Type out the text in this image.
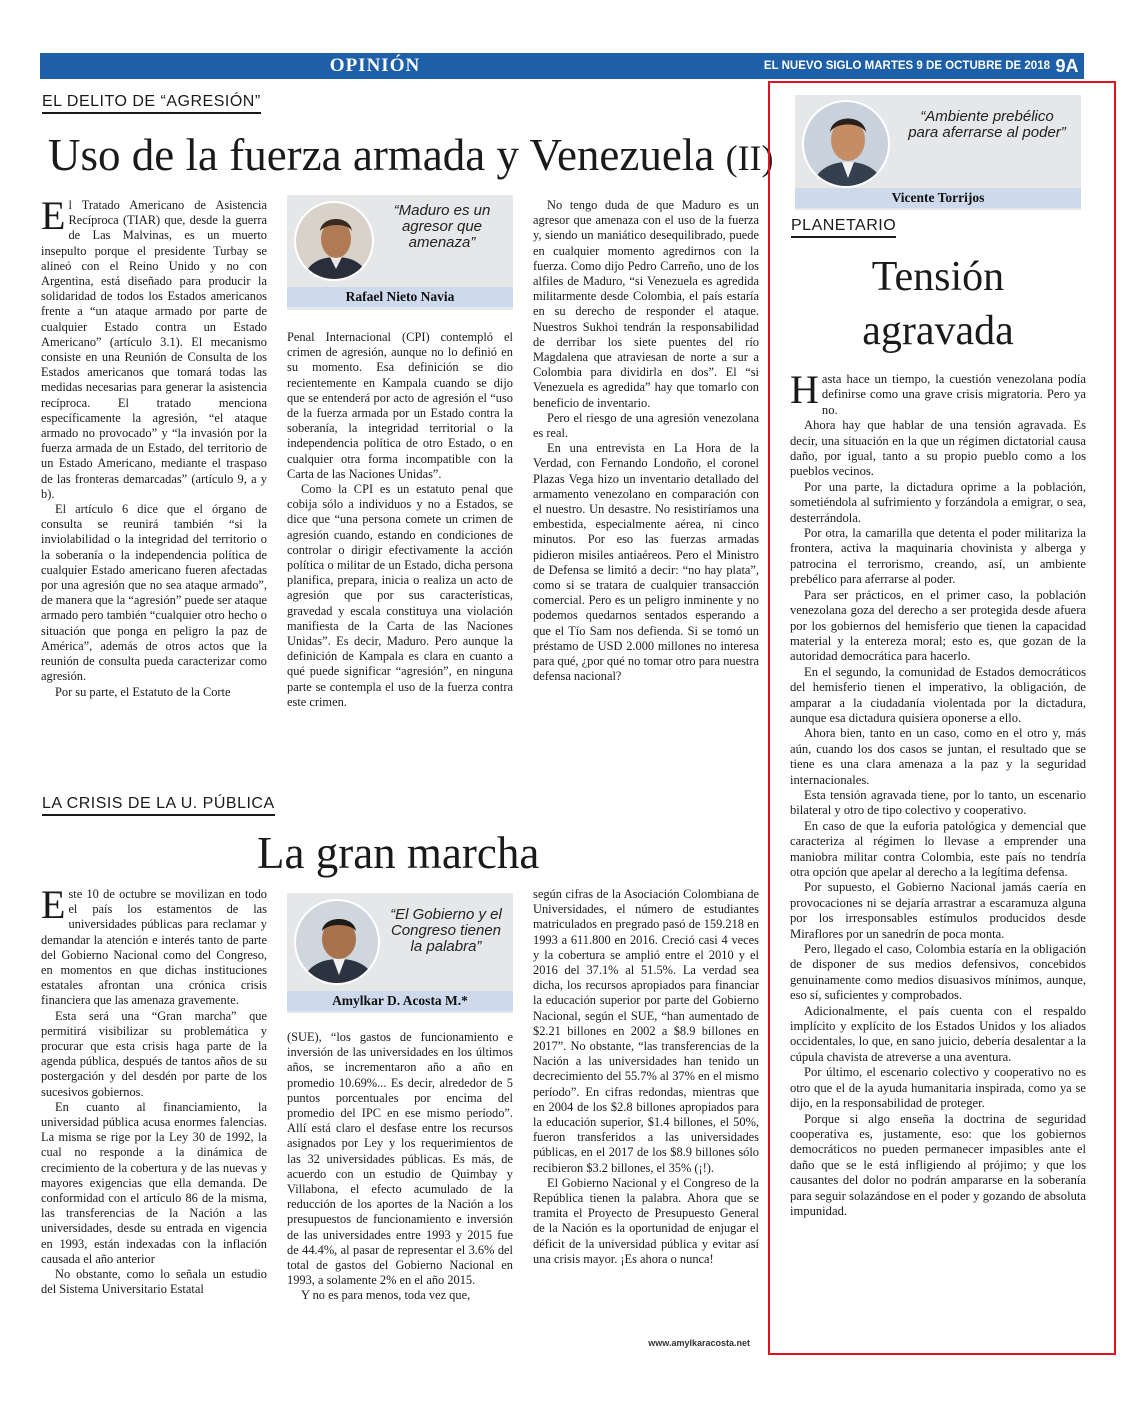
OPINIÓN	EL NUEVO SIGLO MARTES 9 DE OCTUBRE DE 2018 9A
EL DELITO DE “AGRESIÓN”
Uso de la fuerza armada y Venezuela (II)

El Tratado Americano de Asistencia Recíproca (TIAR) que, desde la guerra de Las Malvinas, es un muerto insepulto porque el presidente Turbay se alineó con el Reino Unido y no con Argentina, está diseñado para producir la solidaridad de todos los Estados americanos frente a “un ataque armado por parte de cualquier Estado contra un Estado Americano” (artículo 3.1). El mecanismo consiste en una Reunión de Consulta de los Estados americanos que tomará todas las medidas necesarias para generar la asistencia recíproca. El tratado menciona específicamente la agresión, “el ataque armado no provocado” y “la invasión por la fuerza armada de un Estado, del territorio de un Estado Americano, mediante el traspaso de las fronteras demarcadas” (artículo 9, a y b).

El artículo 6 dice que el órgano de consulta se reunirá también “si la inviolabilidad o la integridad del territorio o la soberanía o la independencia política de cualquier Estado americano fueren afectadas por una agresión que no sea ataque armado”, de manera que la “agresión” puede ser ataque armado pero también “cualquier otro hecho o situación que ponga en peligro la paz de América”, además de otros actos que la reunión de consulta pueda caracterizar como agresión.

Por su parte, el Estatuto de la Corte

“Maduro es un agresor que amenaza”
Rafael Nieto Navia

Penal Internacional (CPI) contempló el crimen de agresión, aunque no lo definió en su momento. Esa definición se dio recientemente en Kampala cuando se dijo que se entenderá por acto de agresión el “uso de la fuerza armada por un Estado contra la soberanía, la integridad territorial o la independencia política de otro Estado, o en cualquier otra forma incompatible con la Carta de las Naciones Unidas”.

Como la CPI es un estatuto penal que cobija sólo a individuos y no a Estados, se dice que “una persona comete un crimen de agresión cuando, estando en condiciones de controlar o dirigir efectivamente la acción política o militar de un Estado, dicha persona planifica, prepara, inicia o realiza un acto de agresión que por sus características, gravedad y escala constituya una violación manifiesta de la Carta de las Naciones Unidas”. Es decir, Maduro. Pero aunque la definición de Kampala es clara en cuanto a qué puede significar “agresión”, en ninguna parte se contempla el uso de la fuerza contra este crimen.

No tengo duda de que Maduro es un agresor que amenaza con el uso de la fuerza y, siendo un maniático desequilibrado, puede en cualquier momento agredirnos con la fuerza. Como dijo Pedro Carreño, uno de los alfiles de Maduro, “si Venezuela es agredida militarmente desde Colombia, el país estaría en su derecho de responder el ataque. Nuestros Sukhoi tendrán la responsabilidad de derribar los siete puentes del río Magdalena que atraviesan de norte a sur a Colombia para dividirla en dos”. El “si Venezuela es agredida” hay que tomarlo con beneficio de inventario.

Pero el riesgo de una agresión venezolana es real.

En una entrevista en La Hora de la Verdad, con Fernando Londoño, el coronel Plazas Vega hizo un inventario detallado del armamento venezolano en comparación con el nuestro. Un desastre. No resistiríamos una embestida, especialmente aérea, ni cinco minutos. Por eso las fuerzas armadas pidieron misiles antiaéreos. Pero el Ministro de Defensa se limitó a decir: “no hay plata”, como si se tratara de cualquier transacción comercial. Pero es un peligro inminente y no podemos quedarnos sentados esperando a que el Tío Sam nos defienda. Si se tomó un préstamo de USD 2.000 millones no interesa para qué, ¿por qué no tomar otro para nuestra defensa nacional?

LA CRISIS DE LA U. PÚBLICA
La gran marcha

Este 10 de octubre se movilizan en todo el país los estamentos de las universidades públicas para reclamar y demandar la atención e interés tanto de parte del Gobierno Nacional como del Congreso, en momentos en que dichas instituciones estatales afrontan una crónica crisis financiera que las amenaza gravemente.

Esta será una “Gran marcha” que permitirá visibilizar su problemática y procurar que esta crisis haga parte de la agenda pública, después de tantos años de su postergación y del desdén por parte de los sucesivos gobiernos.

En cuanto al financiamiento, la universidad pública acusa enormes falencias. La misma se rige por la Ley 30 de 1992, la cual no responde a la dinámica de crecimiento de la cobertura y de las nuevas y mayores exigencias que ella demanda. De conformidad con el artículo 86 de la misma, las transferencias de la Nación a las universidades, desde su entrada en vigencia en 1993, están indexadas con la inflación causada el año anterior

No obstante, como lo señala un estudio del Sistema Universitario Estatal

“El Gobierno y el Congreso tienen la palabra”
Amylkar D. Acosta M.*

(SUE), “los gastos de funcionamiento e inversión de las universidades en los últimos años, se incrementaron año a año en promedio 10.69%... Es decir, alrededor de 5 puntos porcentuales por encima del promedio del IPC en ese mismo período”. Allí está claro el desfase entre los recursos asignados por Ley y los requerimientos de las 32 universidades públicas. Es más, de acuerdo con un estudio de Quimbay y Villabona, el efecto acumulado de la reducción de los aportes de la Nación a los presupuestos de funcionamiento e inversión de las universidades entre 1993 y 2015 fue de 44.4%, al pasar de representar el 3.6% del total de gastos del Gobierno Nacional en 1993, a solamente 2% en el año 2015.

Y no es para menos, toda vez que,

según cifras de la Asociación Colombiana de Universidades, el número de estudiantes matriculados en pregrado pasó de 159.218 en 1993 a 611.800 en 2016. Creció casi 4 veces y la cobertura se amplió entre el 2010 y el 2016 del 37.1% al 51.5%. La verdad sea dicha, los recursos apropiados para financiar la educación superior por parte del Gobierno Nacional, según el SUE, “han aumentado de $2.21 billones en 2002 a $8.9 billones en 2017”. No obstante, “las transferencias de la Nación a las universidades han tenido un decrecimiento del 55.7% al 37% en el mismo período”. En cifras redondas, mientras que en 2004 de los $2.8 billones apropiados para la educación superior, $1.4 billones, el 50%, fueron transferidos a las universidades públicas, en el 2017 de los $8.9 billones sólo recibieron $3.2 billones, el 35% (¡!).

El Gobierno Nacional y el Congreso de la República tienen la palabra. Ahora que se tramita el Proyecto de Presupuesto General de la Nación es la oportunidad de enjugar el déficit de la universidad pública y evitar así una crisis mayor. ¡Es ahora o nunca!

www.amylkaracosta.net
“Ambiente prebélico para aferrarse al poder”
Vicente Torrijos
PLANETARIO
Tensión
agravada

Hasta hace un tiempo, la cuestión venezolana podía definirse como una grave crisis migratoria. Pero ya no.

Ahora hay que hablar de una tensión agravada. Es decir, una situación en la que un régimen dictatorial causa daño, por igual, tanto a su propio pueblo como a los pueblos vecinos.

Por una parte, la dictadura oprime a la población, sometiéndola al sufrimiento y forzándola a emigrar, o sea, desterrándola.

Por otra, la camarilla que detenta el poder militariza la frontera, activa la maquinaria chovinista y alberga y patrocina el terrorismo, creando, así, un ambiente prebélico para aferrarse al poder.

Para ser prácticos, en el primer caso, la población venezolana goza del derecho a ser protegida desde afuera por los gobiernos del hemisferio que tienen la capacidad material y la entereza moral; esto es, que gozan de la autoridad democrática para hacerlo.

En el segundo, la comunidad de Estados democráticos del hemisferio tienen el imperativo, la obligación, de amparar a la ciudadanía violentada por la dictadura, aunque esa dictadura quisiera oponerse a ello.

Ahora bien, tanto en un caso, como en el otro y, más aún, cuando los dos casos se juntan, el resultado que se tiene es una clara amenaza a la paz y la seguridad internacionales.

Esta tensión agravada tiene, por lo tanto, un escenario bilateral y otro de tipo colectivo y cooperativo.

En caso de que la euforia patológica y demencial que caracteriza al régimen lo llevase a emprender una maniobra militar contra Colombia, este país no tendría otra opción que apelar al derecho a la legítima defensa.

Por supuesto, el Gobierno Nacional jamás caería en provocaciones ni se dejaría arrastrar a escaramuza alguna por los irresponsables estímulos producidos desde Miraflores por un sanedrín de poca monta.

Pero, llegado el caso, Colombia estaría en la obligación de disponer de sus medios defensivos, concebidos genuinamente como medios disuasivos mínimos, aunque, eso sí, suficientes y comprobados.

Adicionalmente, el país cuenta con el respaldo implícito y explícito de los Estados Unidos y los aliados occidentales, lo que, en sano juicio, debería desalentar a la cúpula chavista de atreverse a una aventura.

Por último, el escenario colectivo y cooperativo no es otro que el de la ayuda humanitaria inspirada, como ya se dijo, en la responsabilidad de proteger.

Porque si algo enseña la doctrina de seguridad cooperativa es, justamente, eso: que los gobiernos democráticos no pueden permanecer impasibles ante el daño que se le está infligiendo al prójimo; y que los causantes del dolor no podrán ampararse en la soberanía para seguir solazándose en el poder y gozando de absoluta impunidad.
